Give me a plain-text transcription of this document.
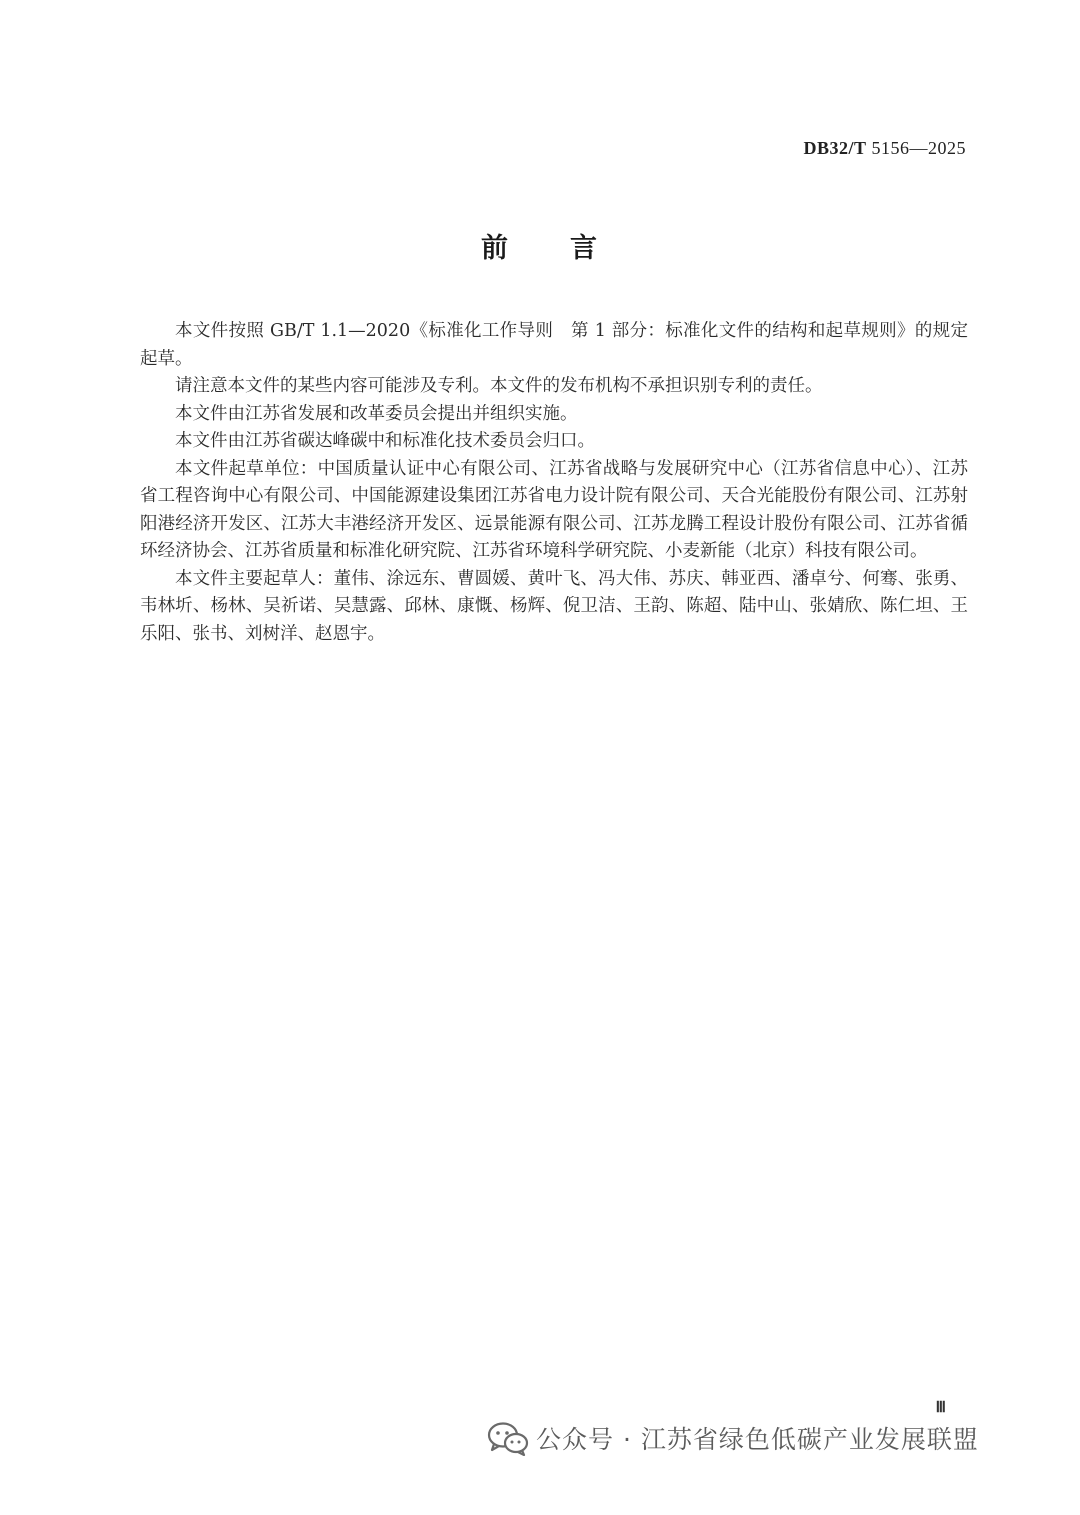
DB32/T 5156—2025
前 言

本文件按照 GB/T 1.1—2020《标准化工作导则　第 1 部分：标准化文件的结构和起草规则》的规定起草。

请注意本文件的某些内容可能涉及专利。本文件的发布机构不承担识别专利的责任。

本文件由江苏省发展和改革委员会提出并组织实施。

本文件由江苏省碳达峰碳中和标准化技术委员会归口。

本文件起草单位：中国质量认证中心有限公司、江苏省战略与发展研究中心（江苏省信息中心）、江苏省工程咨询中心有限公司、中国能源建设集团江苏省电力设计院有限公司、天合光能股份有限公司、江苏射阳港经济开发区、江苏大丰港经济开发区、远景能源有限公司、江苏龙腾工程设计股份有限公司、江苏省循环经济协会、江苏省质量和标准化研究院、江苏省环境科学研究院、小麦新能（北京）科技有限公司。

本文件主要起草人：董伟、涂远东、曹圆媛、黄叶飞、冯大伟、苏庆、韩亚西、潘卓兮、何骞、张勇、韦林圻、杨林、吴祈诺、吴慧露、邱林、康慨、杨辉、倪卫洁、王韵、陈超、陆中山、张婧欣、陈仁坦、王乐阳、张书、刘树洋、赵恩宇。

Ⅲ
公众号 · 江苏省绿色低碳产业发展联盟
